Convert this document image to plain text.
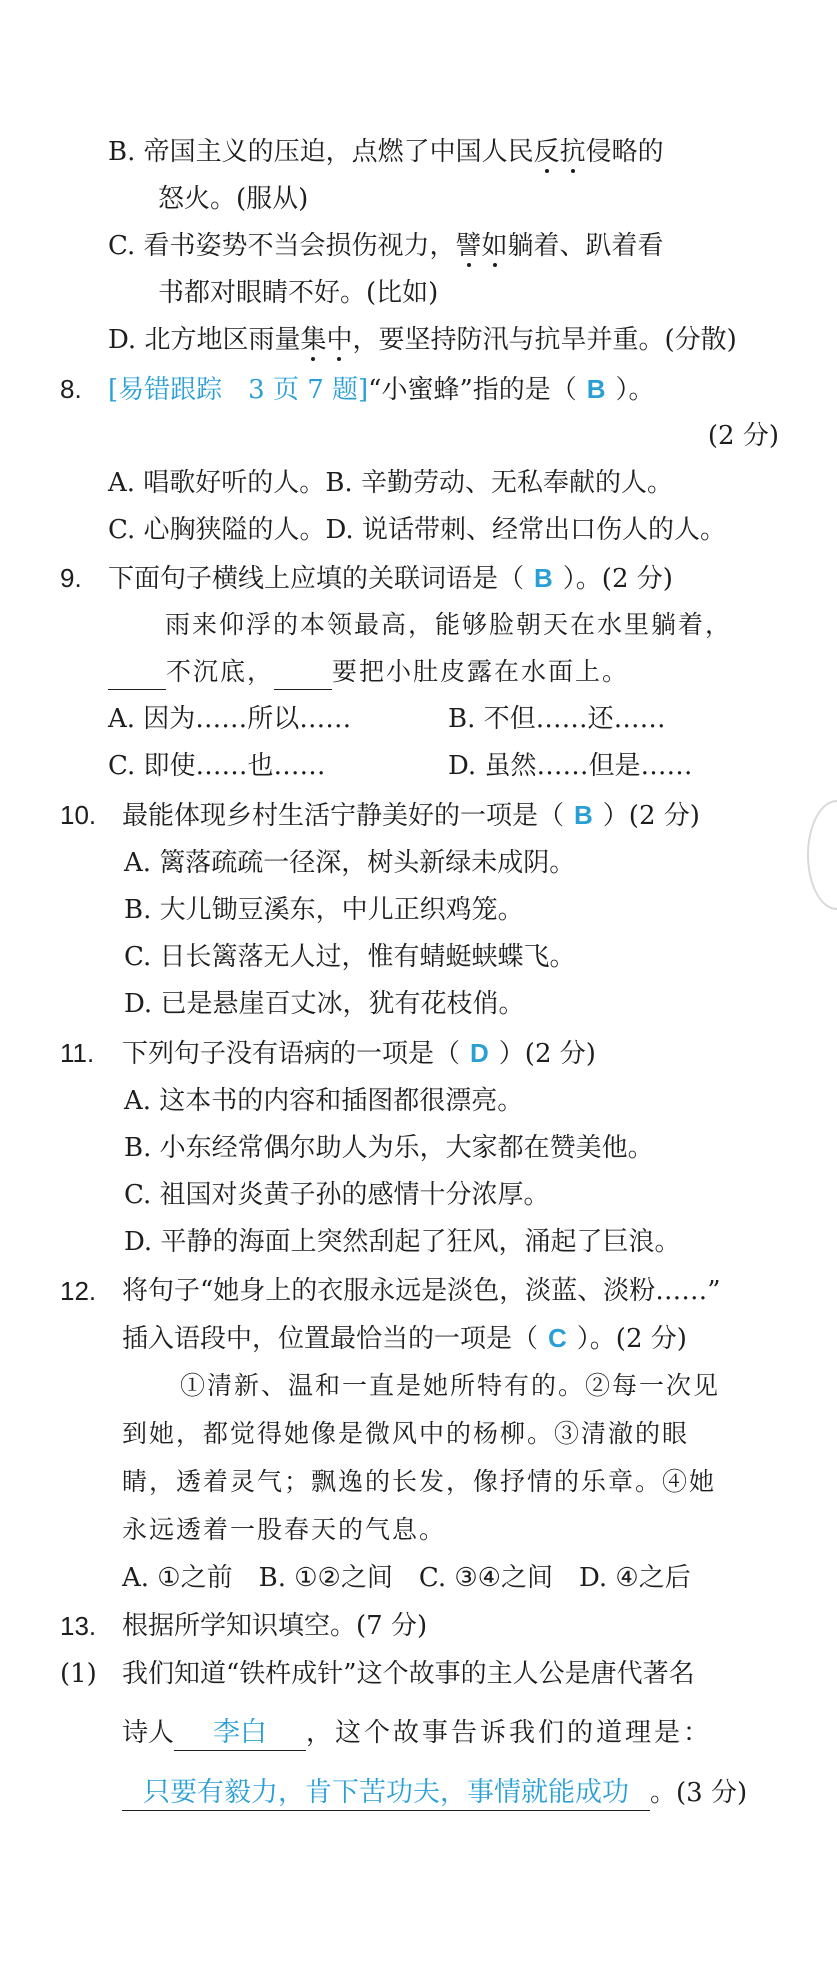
B. 帝国主义的压迫，点燃了中国人民反抗侵略的
怒火。(服从)
C. 看书姿势不当会损伤视力，譬如躺着、趴着看
书都对眼睛不好。(比如)
D. 北方地区雨量集中，要坚持防汛与抗旱并重。(分散)
8. [易错跟踪　3 页 7 题]“小蜜蜂”指的是（ B ）。
(2 分)
A. 唱歌好听的人。B. 辛勤劳动、无私奉献的人。
C. 心胸狭隘的人。D. 说话带刺、经常出口伤人的人。
9. 下面句子横线上应填的关联词语是（ B ）。(2 分)
雨来仰浮的本领最高，能够脸朝天在水里躺着，
不沉底， 要把小肚皮露在水面上。
A. 因为……所以……	B. 不但……还……
C. 即使……也……	D. 虽然……但是……
10. 最能体现乡村生活宁静美好的一项是（ B ）(2 分)
A. 篱落疏疏一径深，树头新绿未成阴。
B. 大儿锄豆溪东，中儿正织鸡笼。
C. 日长篱落无人过，惟有蜻蜓蛱蝶飞。
D. 已是悬崖百丈冰，犹有花枝俏。
11. 下列句子没有语病的一项是（ D ）(2 分)
A. 这本书的内容和插图都很漂亮。
B. 小东经常偶尔助人为乐，大家都在赞美他。
C. 祖国对炎黄子孙的感情十分浓厚。
D. 平静的海面上突然刮起了狂风，涌起了巨浪。
12. 将句子“她身上的衣服永远是淡色，淡蓝、淡粉……”
插入语段中，位置最恰当的一项是（ C ）。(2 分)
①清新、温和一直是她所特有的。②每一次见
到她，都觉得她像是微风中的杨柳。③清澈的眼
睛，透着灵气；飘逸的长发，像抒情的乐章。④她
永远透着一股春天的气息。
A. ①之前　B. ①②之间　C. ③④之间　D. ④之后
13. 根据所学知识填空。(7 分)
(1) 我们知道“铁杵成针”这个故事的主人公是唐代著名
诗人 李白 ，这个故事告诉我们的道理是：
只要有毅力，肯下苦功夫，事情就能成功 。(3 分)
